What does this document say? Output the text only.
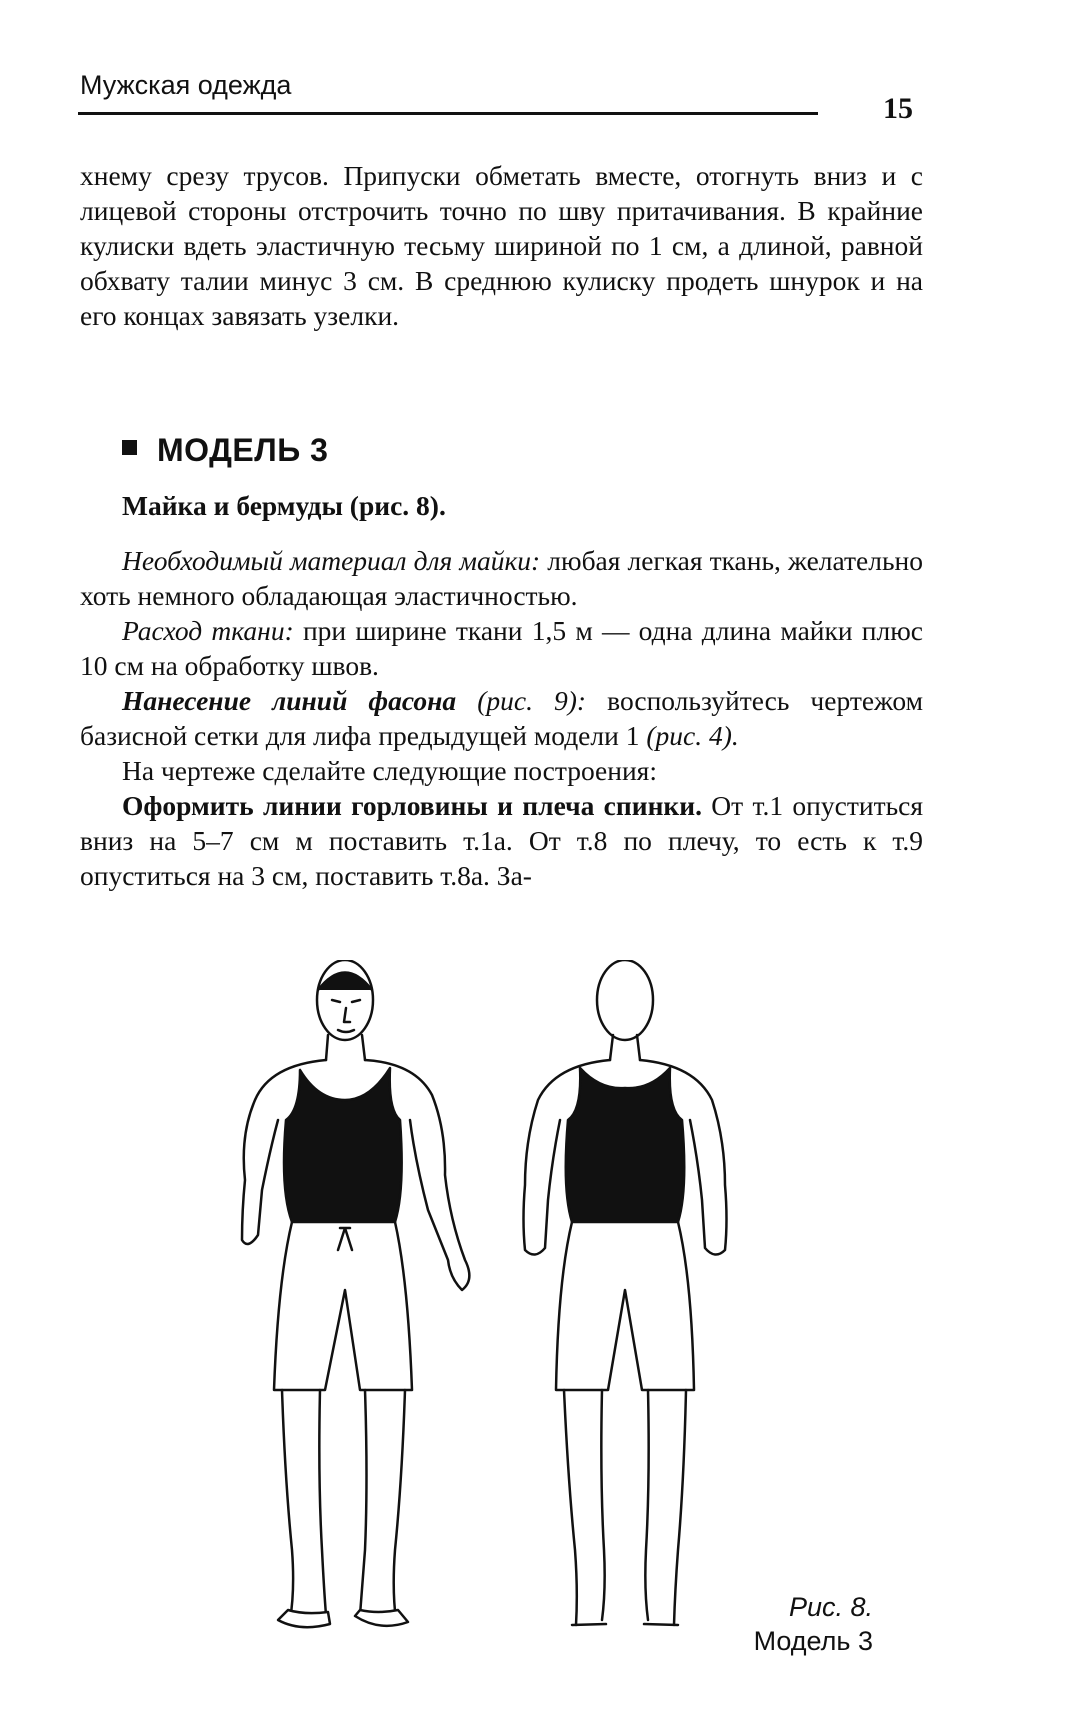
Мужская одежда
15

хнему срезу трусов. Припуски обметать вместе, отогнуть вниз и с лицевой стороны отстрочить точно по шву притачивания. В крайние кулиски вдеть эластичную тесьму шириной по 1 см, а длиной, равной обхвату талии минус 3 см. В среднюю кулиску продеть шнурок и на его концах завязать узелки.

МОДЕЛЬ 3
Майка и бермуды (рис. 8).

Необходимый материал для майки: любая легкая ткань, желательно хоть немного обладающая эластичностью.

Расход ткани: при ширине ткани 1,5 м — одна длина майки плюс 10 см на обработку швов.

Нанесение линий фасона (рис. 9): воспользуйтесь чертежом базисной сетки для лифа предыдущей модели 1 (рис. 4).

На чертеже сделайте следующие построения:

Оформить линии горловины и плеча спинки. От т.1 опуститься вниз на 5–7 см м поставить т.1а. От т.8 по плечу, то есть к т.9 опуститься на 3 см, поставить т.8а. За-

Рис. 8.
Модель 3
